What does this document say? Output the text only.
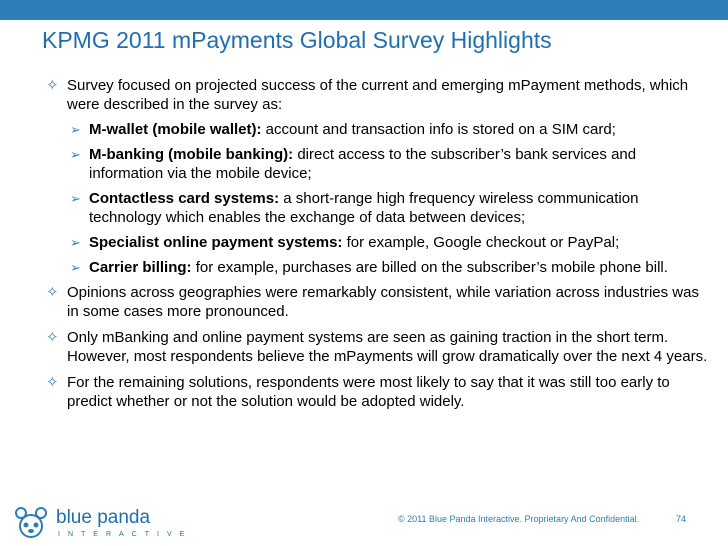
KPMG 2011 mPayments Global Survey Highlights
✧ Survey focused on projected success of the current and emerging mPayment methods, which were described in the survey as:
➢ M-wallet (mobile wallet): account and transaction info is stored on a SIM card;
➢ M-banking (mobile banking): direct access to the subscriber’s bank services and information via the mobile device;
➢ Contactless card systems: a short-range high frequency wireless communication technology which enables the exchange of data between devices;
➢ Specialist online payment systems: for example, Google checkout or PayPal;
➢ Carrier billing: for example, purchases are billed on the subscriber’s mobile phone bill.
✧ Opinions across geographies were remarkably consistent, while variation across industries was in some cases more pronounced.
✧ Only mBanking and online payment systems are seen as gaining traction in the short term. However, most respondents believe the mPayments will grow dramatically over the next 4 years.
✧ For the remaining solutions, respondents were most likely to say that it was still too early to predict whether or not the solution would be adopted widely.
blue panda
INTERACTIVE
© 2011 Blue Panda Interactive. Proprietary And Confidential.	74
